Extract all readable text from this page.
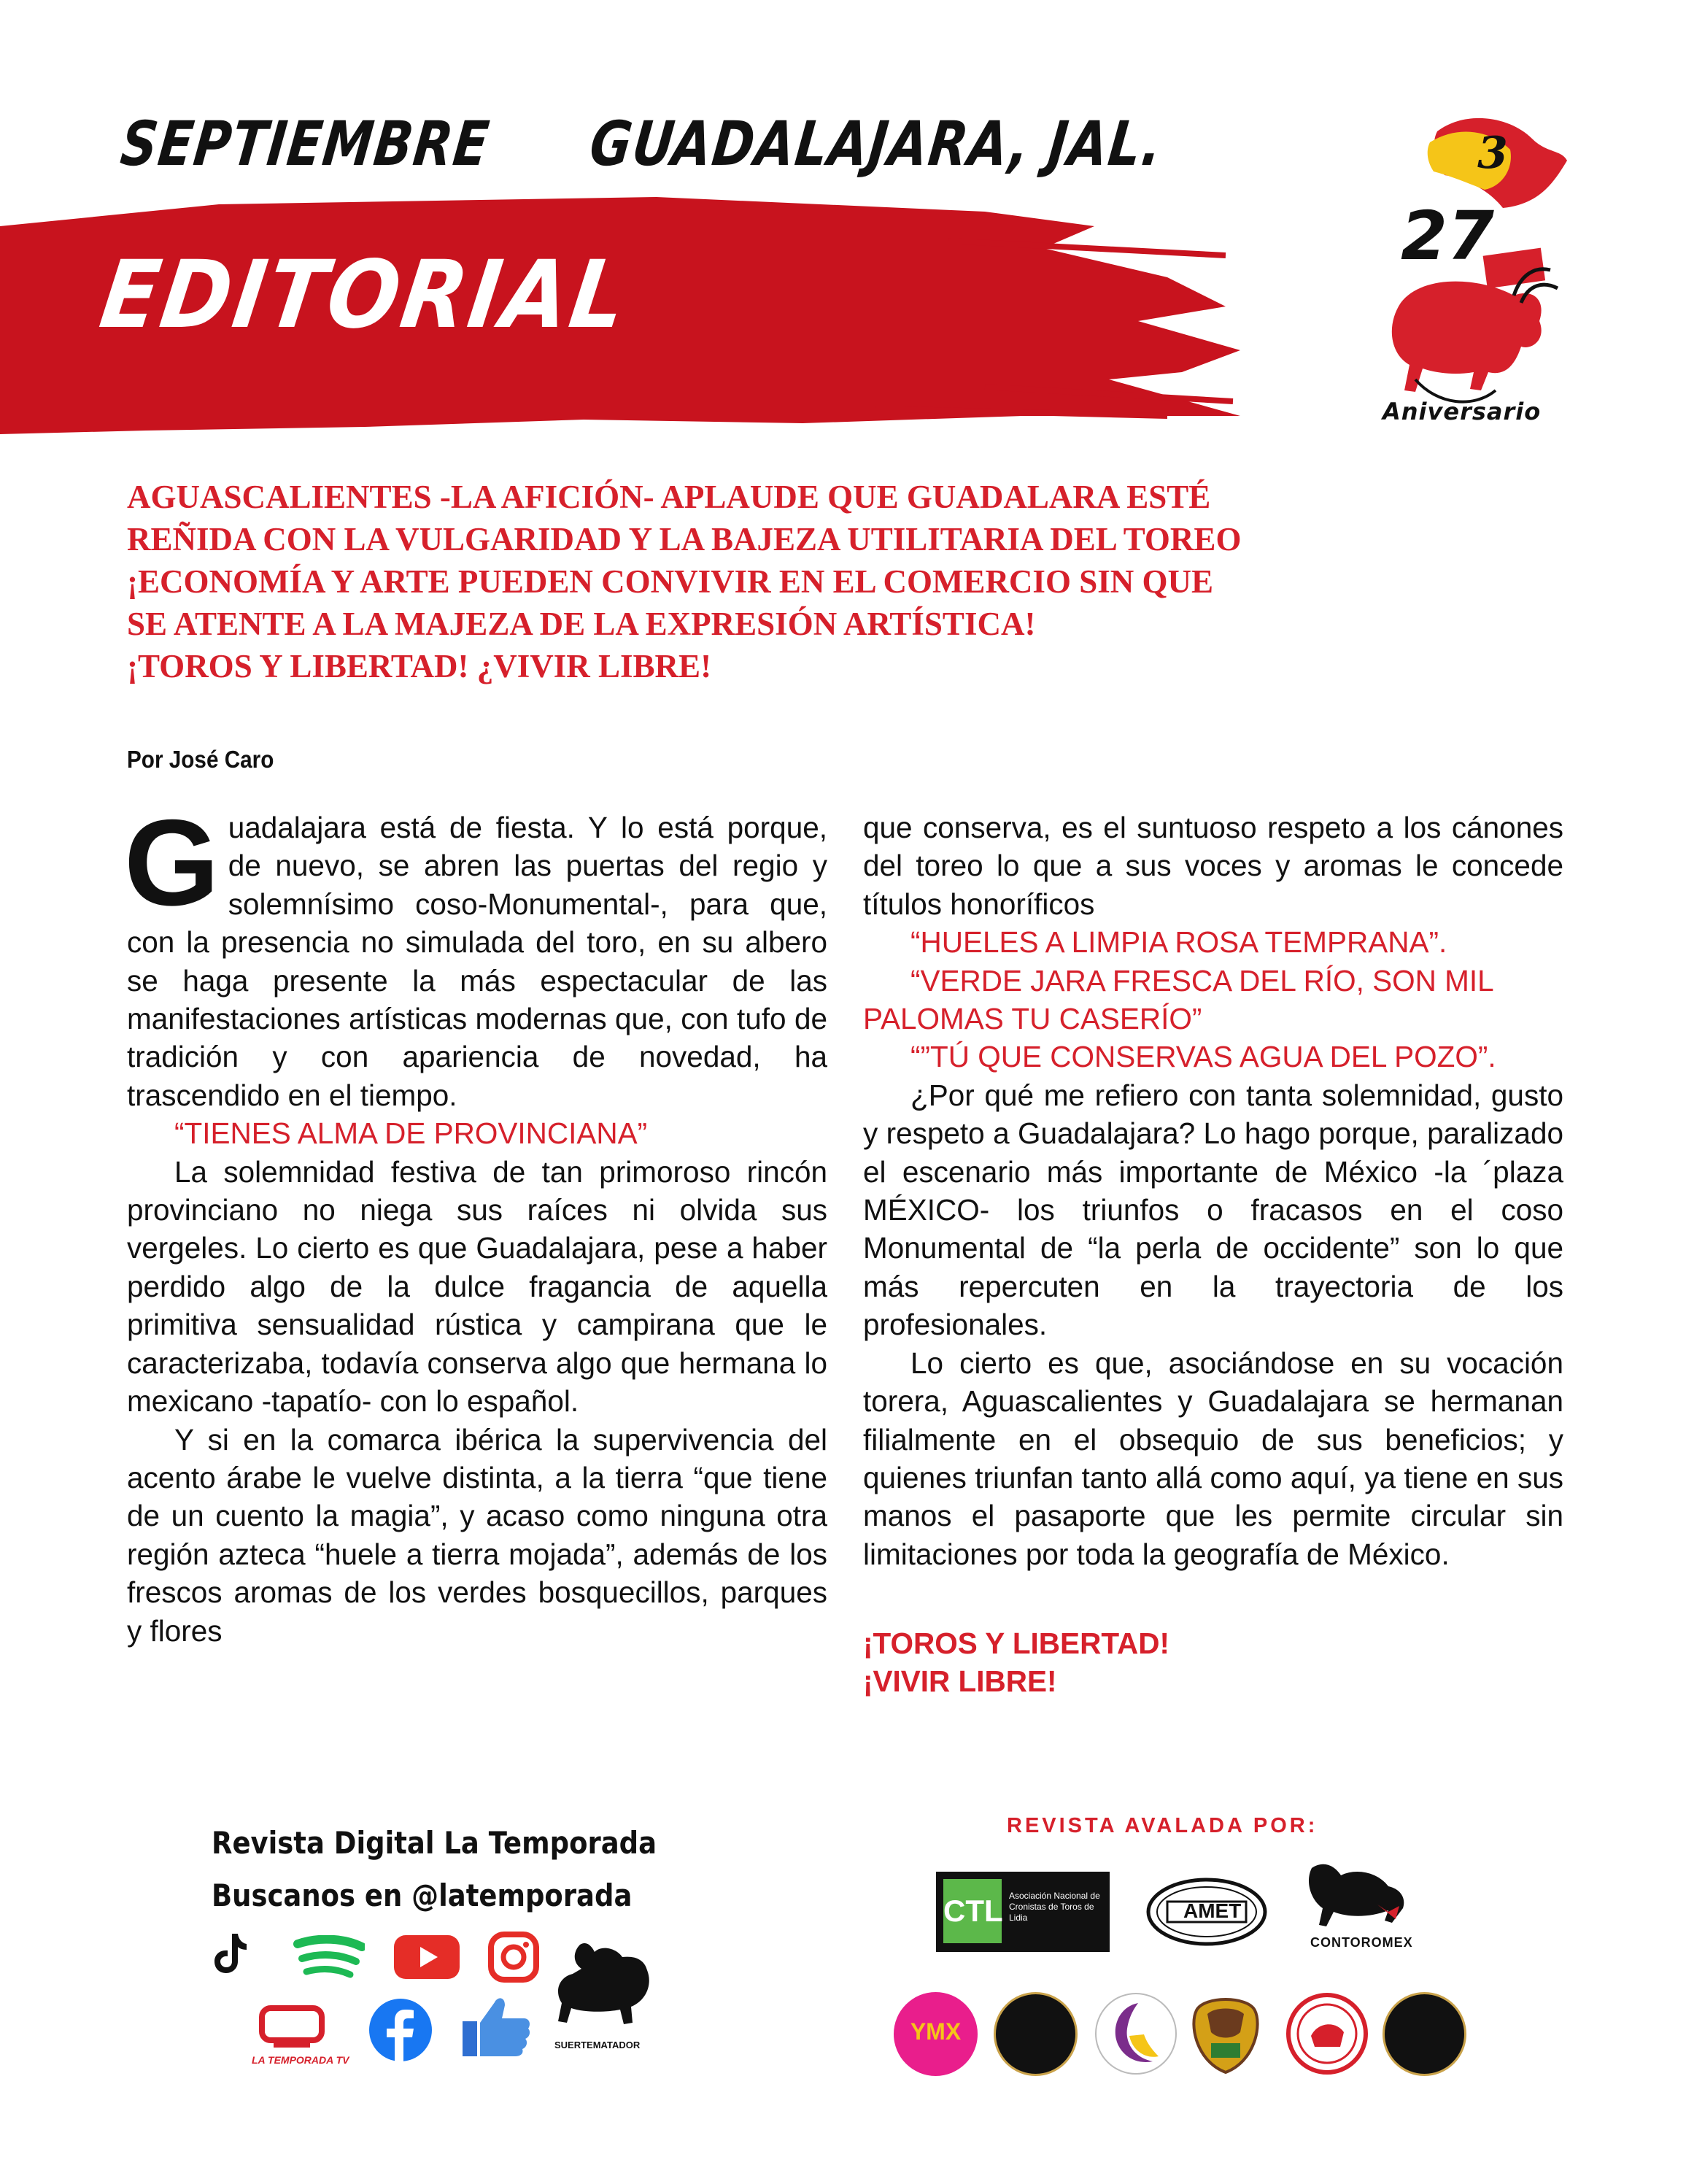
SEPTIEMBRE GUADALAJARA, JAL.	3
EDITORIAL
27
Aniversario
AGUASCALIENTES -LA AFICIÓN- APLAUDE QUE GUADALARA ESTÉ
REÑIDA CON LA VULGARIDAD Y LA BAJEZA UTILITARIA DEL TOREO
¡ECONOMÍA Y ARTE PUEDEN CONVIVIR EN EL COMERCIO SIN QUE
SE ATENTE A LA MAJEZA DE LA EXPRESIÓN ARTÍSTICA!
¡TOROS Y LIBERTAD! ¿VIVIR LIBRE!
Por José Caro

Guadalajara está de fiesta. Y lo está porque, de nuevo, se abren las puertas del regio y solemnísimo coso-Monumental-, para que, con la presencia no simulada del toro, en su albero se haga presente la más espectacular de las manifestaciones artísticas modernas que, con tufo de tradición y con apariencia de novedad, ha trascendido en el tiempo.

“TIENES ALMA DE PROVINCIANA”

La solemnidad festiva de tan primoroso rincón provinciano no niega sus raíces ni olvida sus vergeles. Lo cierto es que Guadalajara, pese a haber perdido algo de la dulce fragancia de aquella primitiva sensualidad rústica y campirana que le caracterizaba, todavía conserva algo que hermana lo mexicano -tapatío- con lo español.

Y si en la comarca ibérica la supervivencia del acento árabe le vuelve distinta, a la tierra “que tiene de un cuento la magia”, y acaso como ninguna otra región azteca “huele a tierra mojada”, además de los frescos aromas de los verdes bosquecillos, parques y flores

que conserva, es el suntuoso respeto a los cánones del toreo lo que a sus voces y aromas le concede títulos honoríficos

“HUELES A LIMPIA ROSA TEMPRANA”.

“VERDE JARA FRESCA DEL RÍO, SON MIL PALOMAS TU CASERÍO”

“”TÚ QUE CONSERVAS AGUA DEL POZO”.

¿Por qué me refiero con tanta solemnidad, gusto y respeto a Guadalajara? Lo hago porque, paralizado el escenario más importante de México -la ´plaza MÉXICO- los triunfos o fracasos en el coso Monumental de “la perla de occidente” son lo que más repercuten en la trayectoria de los profesionales.

Lo cierto es que, asociándose en su vocación torera, Aguascalientes y Guadalajara se hermanan filialmente en el obsequio de sus beneficios; y quienes triunfan tanto allá como aquí, ya tiene en sus manos el pasaporte que les permite circular sin limitaciones por toda la geografía de México.

¡TOROS Y LIBERTAD!
¡VIVIR LIBRE!
Revista Digital La Temporada
Buscanos en @latemporada
LA TEMPORADA TV
SUERTEMATADOR
REVISTA AVALADA POR:
CTL Asociación Nacional de Cronistas de Toros de Lidia	AMET
CONTOROMEX
YMX
